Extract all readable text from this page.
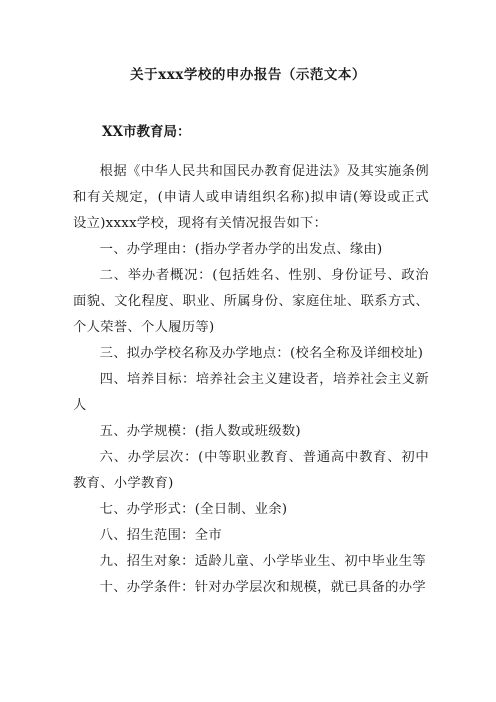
关于xxx学校的申办报告（示范文本）
XX市教育局：

根据《中华人民共和国民办教育促进法》及其实施条例和有关规定，(申请人或申请组织名称)拟申请(筹设或正式设立)xxxx学校，现将有关情况报告如下：

一、办学理由：(指办学者办学的出发点、缘由)

二、举办者概况：(包括姓名、性别、身份证号、政治面貌、文化程度、职业、所属身份、家庭住址、联系方式、个人荣誉、个人履历等)

三、拟办学校名称及办学地点：(校名全称及详细校址)

四、培养目标：培养社会主义建设者，培养社会主义新人

五、办学规模：(指人数或班级数)

六、办学层次：(中等职业教育、普通高中教育、初中教育、小学教育)

七、办学形式：(全日制、业余)

八、招生范围：全市

九、招生对象：适龄儿童、小学毕业生、初中毕业生等

十、办学条件：针对办学层次和规模，就已具备的办学
